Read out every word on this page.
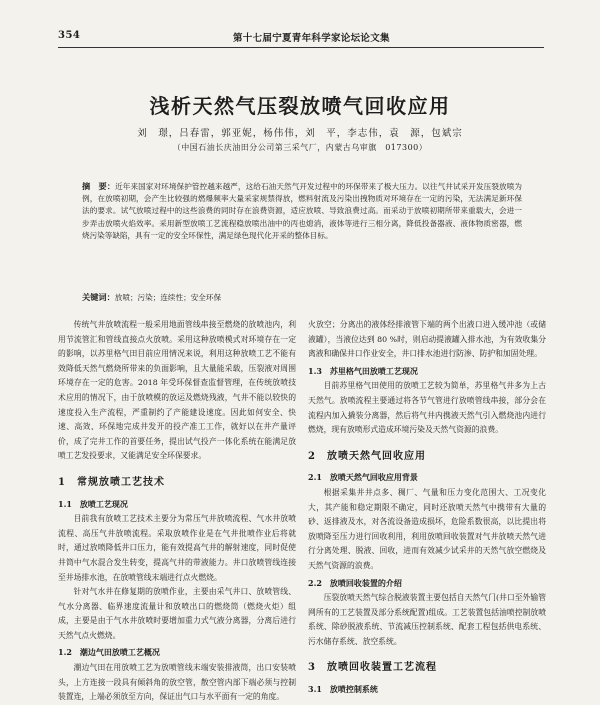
354	第十七届宁夏青年科学家论坛论文集
浅析天然气压裂放喷气回收应用
刘　璟，吕春雷，郭亚妮，杨伟伟，刘　平，李志伟，袁　源，包斌宗
（中国石油长庆油田分公司第三采气厂，内蒙古乌审旗　017300）
摘　要：近年来国家对环境保护管控越来越严，这给石油天然气开发过程中的环保带来了极大压力。以往气井试采开发压裂放喷为例，在放喷初期，会产生比较强的燃爆频率大量采家规禁得放，燃料射流及污染出拽物质对环境存在一定的污染，无法满足新环保法的要求。试气放喷过程中的这些浪费的同时存在浪费资源，适应放喷、导致浪费过高。而采动于放喷初期所带来重载大，会进一步弄击放喷火焰效率。采用新型放喷工艺流程稳放喷出油中的丙也熄消，液体等进行三相分离，降低投备器液、液体物质密器，燃烧污染等缺陷，具有一定的安全环保性，满足绿色现代化开采的整体目标。
关键词：放喷；污染；连续性；安全环保

传统气井放喷流程一般采用地面管线串接至燃烧的放喷池内，利用节流管汇和管线直接点火放喷。采用这种放喷模式对环境存在一定的影响，以苏里格气田目前应用情况来说，利用这种放喷工艺不能有效降低天然气燃烧所带来的负面影响，且大量能采载，压裂液对周围环境存在一定的危害。2018 年受环保督查监督管理，在传统放喷技术应用的情况下，由于放喷模的放运及燃烧残液，气井不能以较快的速度投入生产流程，严重制约了产能建设速度。因此如何安全、快速、高效、环保地完成井发开的投产准工工作，就好以在井产量评价，成了完井工作的首要任务，提出试气投产一体化系统在能满足放喷工艺发投要求，又能满足安全环保要求。

1　常规放喷工艺技术
1.1　放喷工艺现况

目前我有放喷工艺技术主要分为常压气井放喷流程、气水井放喷流程、高压气井放喷流程。采取放喷作业是在气井批喷作业后将就时，通过放喷降低井口压力，能有效提高气井的解射速度，同时促使井筒中气水混合发生转变，提高气井的带液能力。井口放喷管线连接至井场排水池，在放喷管线末端进行点火燃烧。

针对气水井在修复期的放喷作业，主要由采气井口、放喷管线、气水分离器、临界速度流量计和放喷出口的燃烧筒（燃烧火炬）组成，主要是由于气水井放喷时要增加重力式气液分离器，分离后进行天然气点火燃烧。

1.2　潮边气田放喷工艺概况

潮边气田在用放喷工艺为放喷管线末端安装排液筒，出口安装喷头，上方连接一段具有倾斜角的放空管，散空管内部下端必须与控制装置连，上端必须放至方向，保证出气口与水平面有一定的角度。

火放空；分离出的液体经排液管下端的两个出液口进入缓冲池（或储液罐），当液位达到 80 %时，则启动提液罐入排水池，为有效收集分离液和确保井口作业安全，井口排水池进行防渗、防护和加固处理。

1.3　苏里格气田放喷工艺现况

目前苏里格气田使用的放喷工艺较为简单，苏里格气井多为上古天然气。放喷流程主要通过将各节气管进行放喷管线串接，部分会在流程内加入撬装分离器，然后将气井内携液天然气引入燃烧池内进行燃烧，现有放喷形式造成环境污染及天然气资源的浪费。

2　放喷天然气回收应用
2.1　放喷天然气回收应用背景

根据采集井井点多、稠厂、气量和压力变化范围大、工况变化大，其产能和稳定期限不确定，同时还放喷天然气中携带有大量的砂、返排液及水，对各流设备造成损坏，危险系数很高，以比提出将放喷降至压力进行回收利用，利用放喷回收装置对气井放喷天然气进行分离处理、脱液、回收，进而有效减少试采井的天然气放空燃烧及天然气资源的浪费。

2.2　放喷回收装置的介绍

压裂放喷天然气综合脱液装置主要包括自天然气门(井口至外输管网所有的工艺装置及部分系统配置)组成。工艺装置包括油喷控制放喷系统、除砂脱液系统、节流减压控制系统、配套工程包括供电系统、污水储存系统、放空系统。

3　放喷回收装置工艺流程
3.1　放喷控制系统
